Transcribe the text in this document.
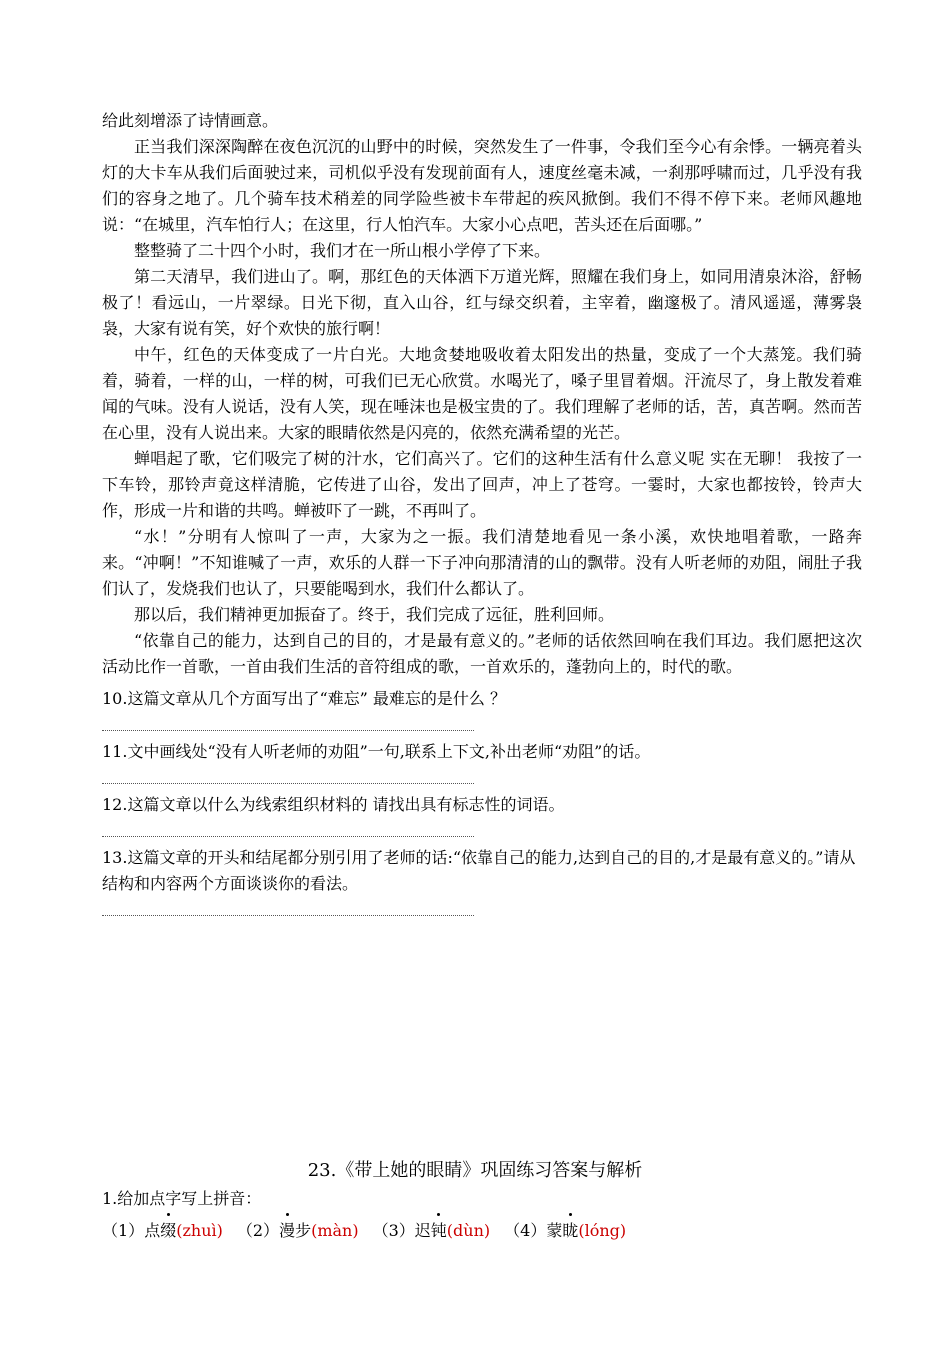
给此刻增添了诗情画意。

正当我们深深陶醉在夜色沉沉的山野中的时候，突然发生了一件事，令我们至今心有余悸。一辆亮着头灯的大卡车从我们后面驶过来，司机似乎没有发现前面有人，速度丝毫未减，一刹那呼啸而过，几乎没有我们的容身之地了。几个骑车技术稍差的同学险些被卡车带起的疾风掀倒。我们不得不停下来。老师风趣地说：“在城里，汽车怕行人；在这里，行人怕汽车。大家小心点吧，苦头还在后面哪。”

整整骑了二十四个小时，我们才在一所山根小学停了下来。

第二天清早，我们进山了。啊，那红色的天体洒下万道光辉，照耀在我们身上，如同用清泉沐浴，舒畅极了！看远山，一片翠绿。日光下彻，直入山谷，红与绿交织着，主宰着，幽邃极了。清风遥遥，薄雾袅袅，大家有说有笑，好个欢快的旅行啊！

中午，红色的天体变成了一片白光。大地贪婪地吸收着太阳发出的热量，变成了一个大蒸笼。我们骑着，骑着，一样的山，一样的树，可我们已无心欣赏。水喝光了，嗓子里冒着烟。汗流尽了，身上散发着难闻的气味。没有人说话，没有人笑，现在唾沫也是极宝贵的了。我们理解了老师的话，苦，真苦啊。然而苦在心里，没有人说出来。大家的眼睛依然是闪亮的，依然充满希望的光芒。

蝉唱起了歌，它们吸完了树的汁水，它们高兴了。它们的这种生活有什么意义呢 实在无聊！ 我按了一下车铃，那铃声竟这样清脆，它传进了山谷，发出了回声，冲上了苍穹。一霎时，大家也都按铃，铃声大作，形成一片和谐的共鸣。蝉被吓了一跳，不再叫了。

“水！”分明有人惊叫了一声，大家为之一振。我们清楚地看见一条小溪，欢快地唱着歌，一路奔来。“冲啊！”不知谁喊了一声，欢乐的人群一下子冲向那清清的山的飘带。没有人听老师的劝阻，闹肚子我们认了，发烧我们也认了，只要能喝到水，我们什么都认了。

那以后，我们精神更加振奋了。终于，我们完成了远征，胜利回师。

“依靠自己的能力，达到自己的目的，才是最有意义的。”老师的话依然回响在我们耳边。我们愿把这次活动比作一首歌，一首由我们生活的音符组成的歌，一首欢乐的，蓬勃向上的，时代的歌。

10.这篇文章从几个方面写出了“难忘” 最难忘的是什么 ？
11.文中画线处“没有人听老师的劝阻”一句,联系上下文,补出老师“劝阻”的话。
12.这篇文章以什么为线索组织材料的 请找出具有标志性的词语。
13.这篇文章的开头和结尾都分别引用了老师的话:“依靠自己的能力,达到自己的目的,才是最有意义的。”请从结构和内容两个方面谈谈你的看法。
23.《带上她的眼睛》巩固练习答案与解析
1.给加点字写上拼音：
（1）点缀(zhuì) （2）漫步(màn) （3）迟钝(dùn) （4）蒙眬(lóng)
